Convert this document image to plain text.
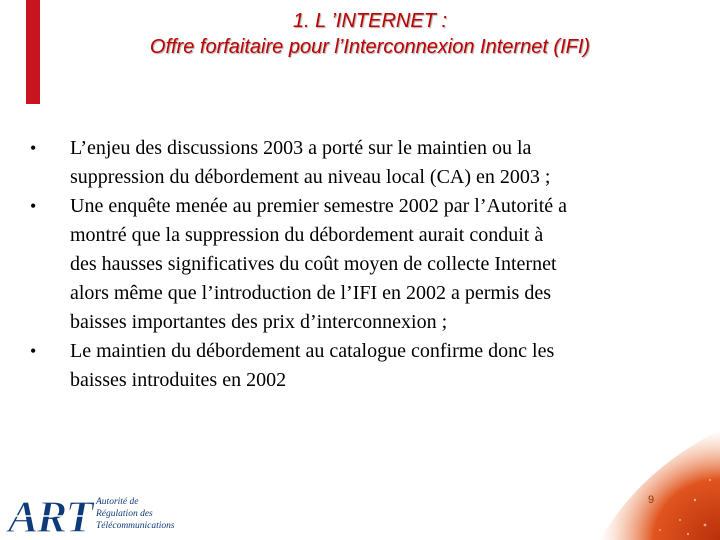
1. L ’INTERNET :
Offre forfaitaire pour l’Interconnexion Internet (IFI)
• L’enjeu des discussions 2003 a porté sur le maintien ou la
suppression du débordement au niveau local (CA) en 2003 ;
• Une enquête menée au premier semestre 2002 par l’Autorité a
montré que la suppression du débordement aurait conduit à
des hausses significatives du coût moyen de collecte Internet
alors même que l’introduction de l’IFI en 2002 a permis des
baisses importantes des prix d’interconnexion ;
• Le maintien du débordement au catalogue confirme donc les
baisses introduites en 2002
9
ART Autorité de
Régulation des
Télécommunications
